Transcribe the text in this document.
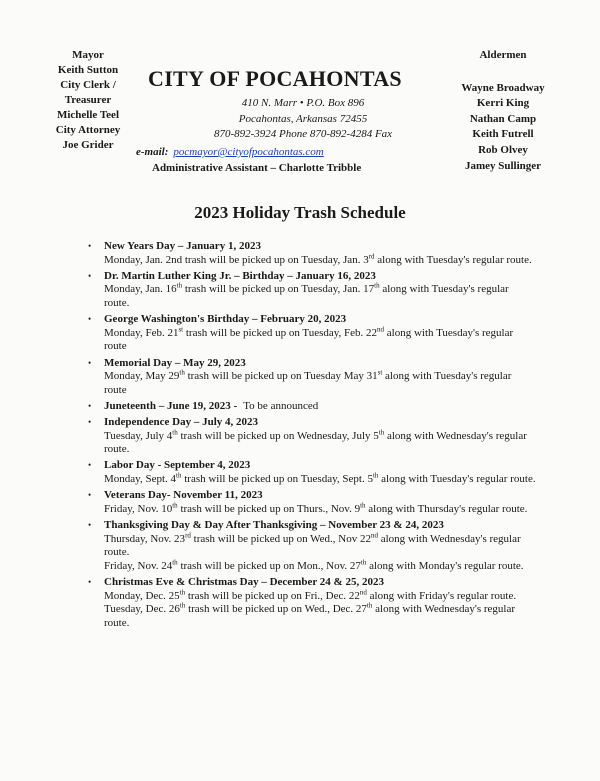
Mayor
Keith Sutton
City Clerk / Treasurer
Michelle Teel
City Attorney
Joe Grider
CITY OF POCAHONTAS
410 N. Marr • P.O. Box 896
Pocahontas, Arkansas 72455
870-892-3924 Phone 870-892-4284 Fax
e-mail: pocmayor@cityofpocahontas.com
Administrative Assistant – Charlotte Tribble
Aldermen
Wayne Broadway
Kerri King
Nathan Camp
Keith Futrell
Rob Olvey
Jamey Sullinger
2023 Holiday Trash Schedule
• New Years Day – January 1, 2023
Monday, Jan. 2nd trash will be picked up on Tuesday, Jan. 3rd along with Tuesday's regular route.
• Dr. Martin Luther King Jr. – Birthday – January 16, 2023
Monday, Jan. 16th trash will be picked up on Tuesday, Jan. 17th along with Tuesday's regular route.
• George Washington's Birthday – February 20, 2023
Monday, Feb. 21st trash will be picked up on Tuesday, Feb. 22nd along with Tuesday's regular route
• Memorial Day – May 29, 2023
Monday, May 29th trash will be picked up on Tuesday May 31st along with Tuesday's regular route
• Juneteenth – June 19, 2023 - To be announced
• Independence Day – July 4, 2023
Tuesday, July 4th trash will be picked up on Wednesday, July 5th along with Wednesday's regular route.
• Labor Day - September 4, 2023
Monday, Sept. 4th trash will be picked up on Tuesday, Sept. 5th along with Tuesday's regular route.
• Veterans Day- November 11, 2023
Friday, Nov. 10th trash will be picked up on Thurs., Nov. 9th along with Thursday's regular route.
• Thanksgiving Day & Day After Thanksgiving – November 23 & 24, 2023
Thursday, Nov. 23rd trash will be picked up on Wed., Nov 22nd along with Wednesday's regular route.
Friday, Nov. 24th trash will be picked up on Mon., Nov. 27th along with Monday's regular route.
• Christmas Eve & Christmas Day – December 24 & 25, 2023
Monday, Dec. 25th trash will be picked up on Fri., Dec. 22nd along with Friday's regular route.
Tuesday, Dec. 26th trash will be picked up on Wed., Dec. 27th along with Wednesday's regular route.
